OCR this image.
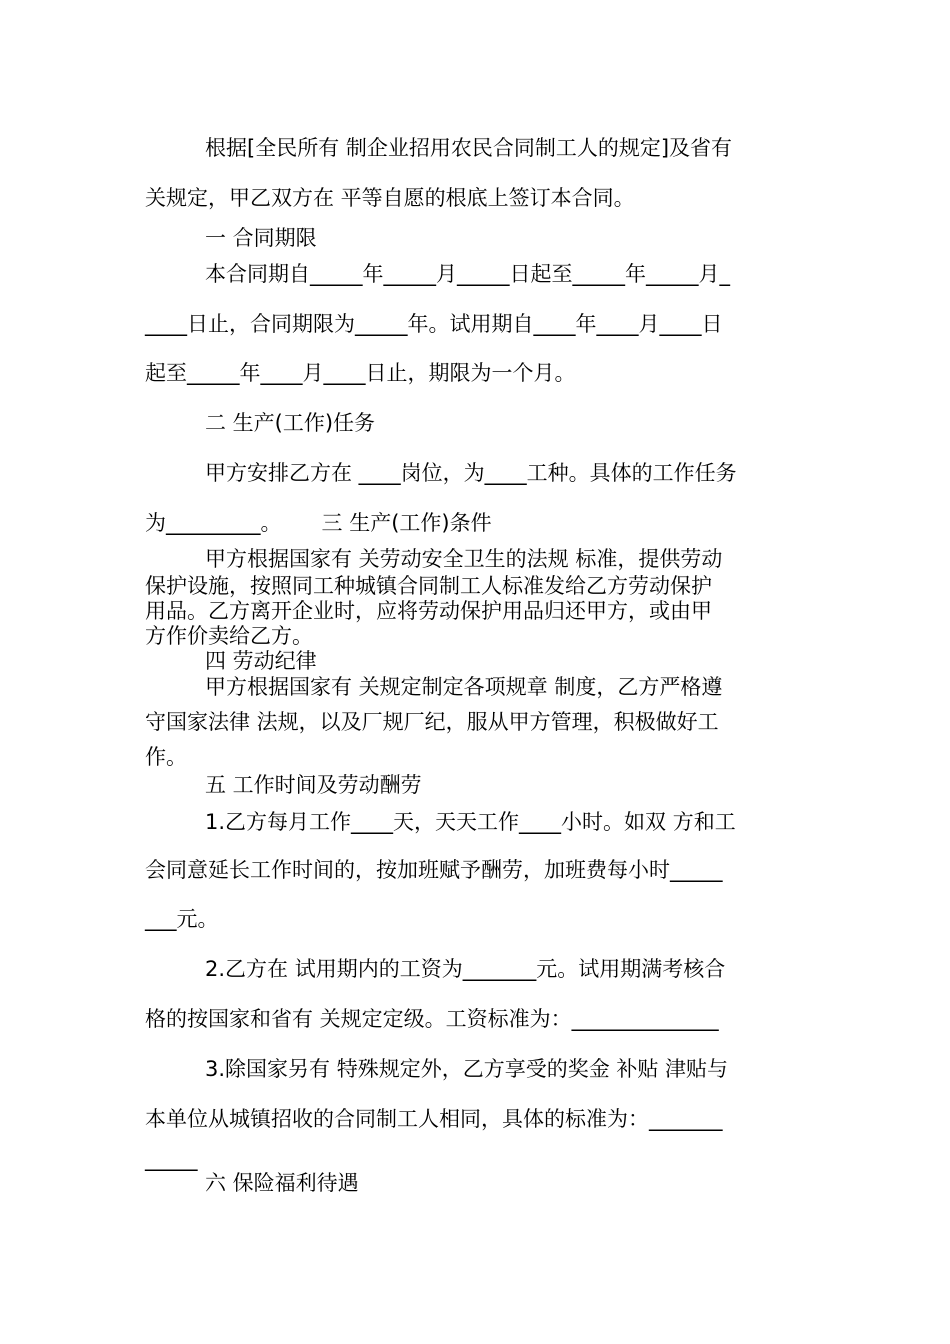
根据[全民所有 制企业招用农民合同制工人的规定]及省有

关规定，甲乙双方在 平等自愿的根底上签订本合同。

一 合同期限

本合同期自_____年_____月_____日起至_____年_____月_

____日止，合同期限为_____年。试用期自____年____月____日

起至_____年____月____日止，期限为一个月。

二 生产(工作)任务

甲方安排乙方在 ____岗位，为____工种。具体的工作任务

为_________。      三 生产(工作)条件

甲方根据国家有 关劳动安全卫生的法规 标准，提供劳动

保护设施，按照同工种城镇合同制工人标准发给乙方劳动保护

用品。乙方离开企业时，应将劳动保护用品归还甲方，或由甲

方作价卖给乙方。

四 劳动纪律

甲方根据国家有 关规定制定各项规章 制度，乙方严格遵

守国家法律 法规，以及厂规厂纪，服从甲方管理，积极做好工

作。

五 工作时间及劳动酬劳

1.乙方每月工作____天，天天工作____小时。如双 方和工

会同意延长工作时间的，按加班赋予酬劳，加班费每小时_____

___元。

2.乙方在 试用期内的工资为_______元。试用期满考核合

格的按国家和省有 关规定定级。工资标准为：______________

3.除国家另有 特殊规定外，乙方享受的奖金 补贴 津贴与

本单位从城镇招收的合同制工人相同，具体的标准为：_______

_____

六 保险福利待遇
